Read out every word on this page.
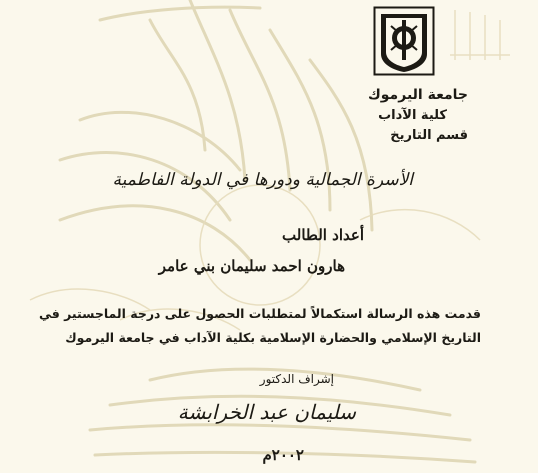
جامعة اليرموك
كلية الآداب
قسم التاريخ
الأسرة الجمالية ودورها في الدولة الفاطمية
أعداد الطالب
هارون احمد سليمان بني عامر
قدمت هذه الرسالة استكمالاً لمتطلبات الحصول على درجة الماجستير في
التاريخ الإسلامي والحضارة الإسلامية بكلية الآداب في جامعة اليرموك
إشراف الدكتور
سليمان عبد الخرابشة
٢٠٠٢م
